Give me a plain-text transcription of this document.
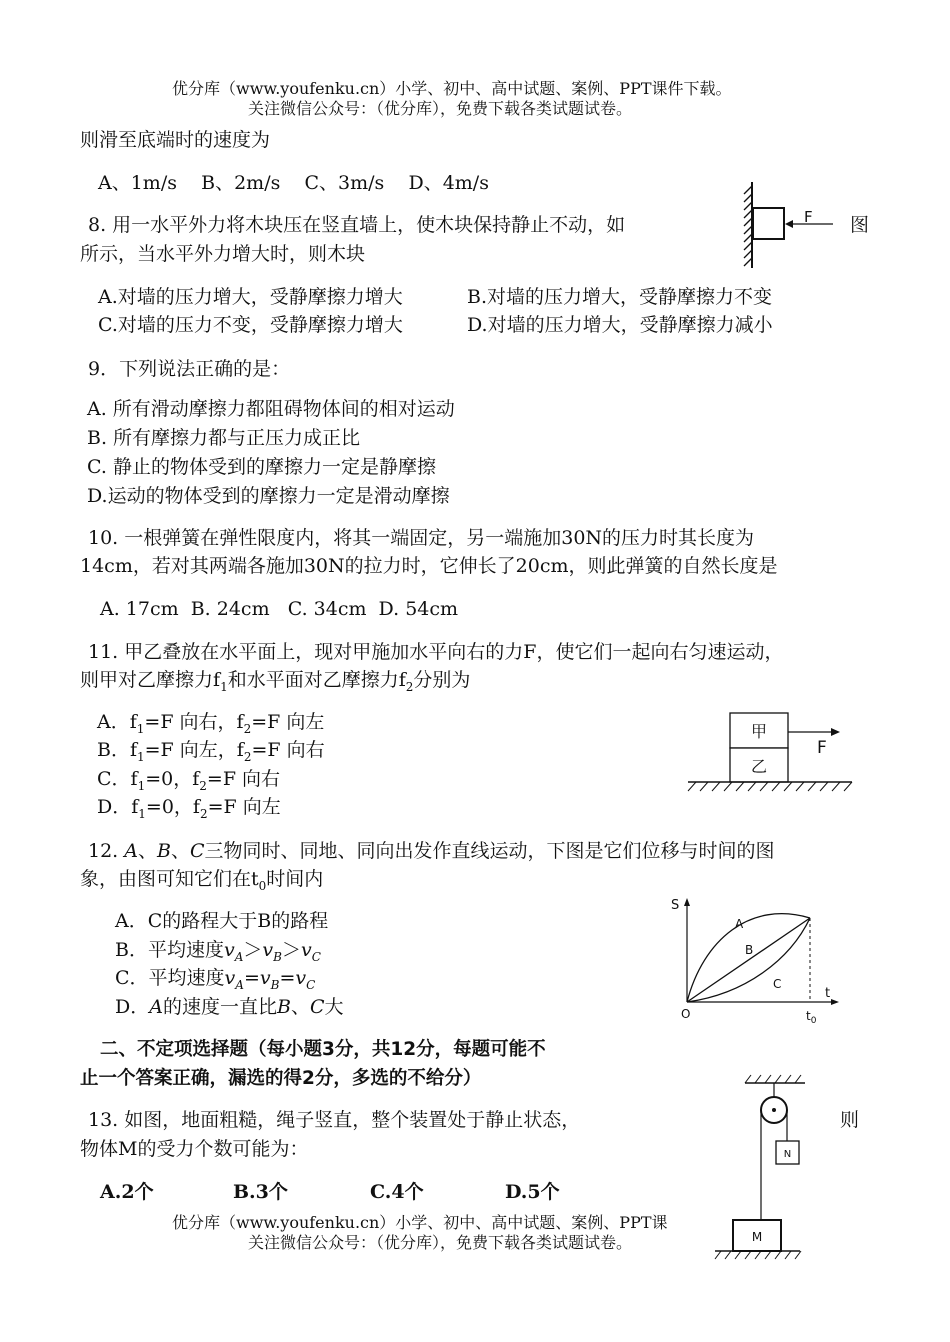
优分库（www.youfenku.cn）小学、初中、高中试题、案例、PPT课件下载。
关注微信公众号：（优分库），免费下载各类试题试卷。
则滑至底端时的速度为
A、1m/s    B、2m/s    C、3m/s    D、4m/s
8. 用一水平外力将木块压在竖直墙上，使木块保持静止不动，如	图
所示，当水平外力增大时，则木块
A.对墙的压力增大，受静摩擦力增大	B.对墙的压力增大，受静摩擦力不变
C.对墙的压力不变，受静摩擦力增大	D.对墙的压力增大，受静摩擦力减小
F
9．下列说法正确的是：
A. 所有滑动摩擦力都阻碍物体间的相对运动
B. 所有摩擦力都与正压力成正比
C. 静止的物体受到的摩擦力一定是静摩擦
D.运动的物体受到的摩擦力一定是滑动摩擦
10. 一根弹簧在弹性限度内，将其一端固定，另一端施加30N的压力时其长度为
14cm，若对其两端各施加30N的拉力时，它伸长了20cm，则此弹簧的自然长度是
A. 17cm  B. 24cm   C. 34cm  D. 54cm
11. 甲乙叠放在水平面上，现对甲施加水平向右的力F，使它们一起向右匀速运动，
则甲对乙摩擦力$f_1$和水平面对乙摩擦力$f_2$分别为
A．$f_1=F$ 向右，$f_2=F$ 向左
B．$f_1=F$ 向左，$f_2=F$ 向右
C．$f_1=0$，$f_2=F$ 向右
D．$f_1=0$，$f_2=F$ 向左
甲
乙
F
12. A、B、C三物同时、同地、同向出发作直线运动，下图是它们位移与时间的图
象，由图可知它们在$t_0$时间内
A．C的路程大于B的路程
B．平均速度$v_A>v_B>v_C$
C．平均速度$v_A=v_B=v_C$
D．A的速度一直比B、C大
S
t
O	$t_0$
A
B
C
二、不定项选择题（每小题3分，共12分，每题可能不
止一个答案正确，漏选的得2分，多选的不给分）
13. 如图，地面粗糙，绳子竖直，整个装置处于静止状态，	则
物体M的受力个数可能为：
A.2个	B.3个	C.4个	D.5个
N
M
优分库（www.youfenku.cn）小学、初中、高中试题、案例、PPT课
关注微信公众号：（优分库），免费下载各类试题试卷。
